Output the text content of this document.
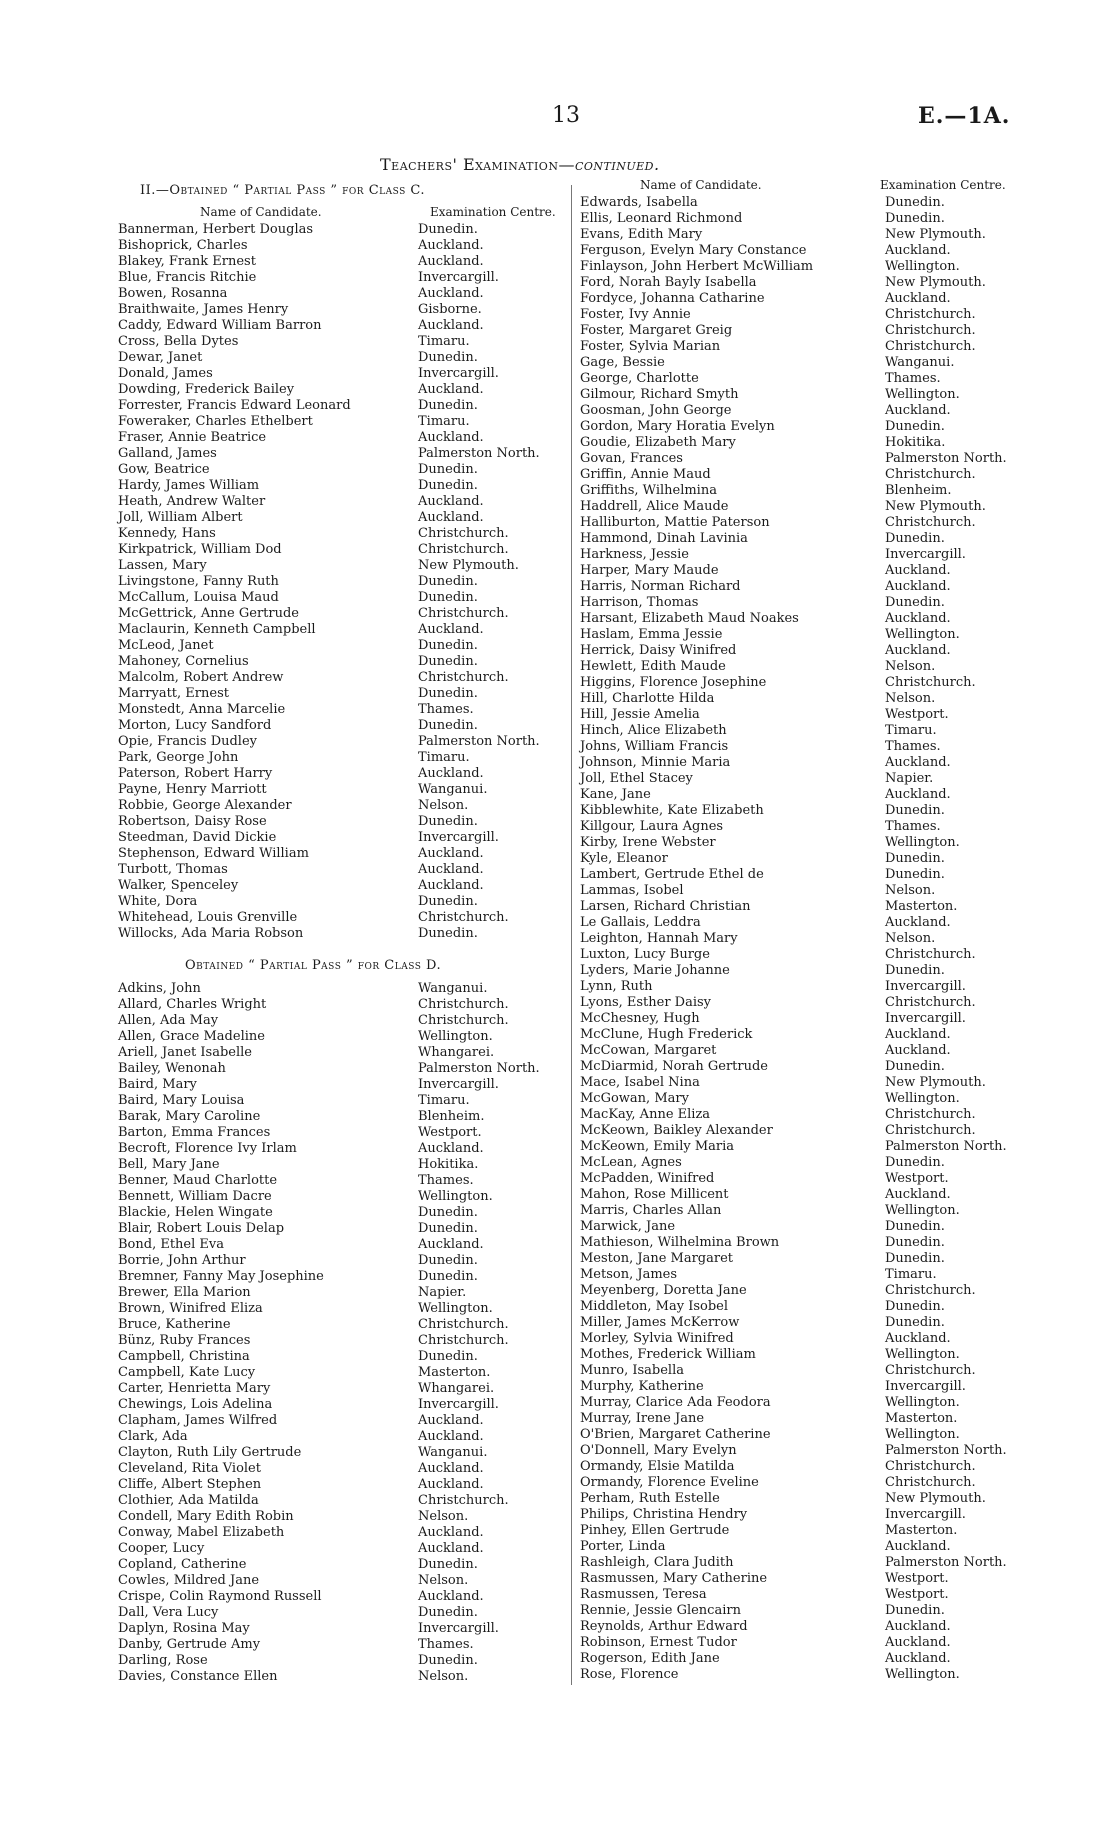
13	E.—1A.
Teachers' Examination—continued.
II.—Obtained “ Partial Pass ” for Class C.
Name of Candidate.	Examination Centre.
Name of Candidate.	Examination Centre.
Bannerman, Herbert Douglas	Dunedin.
Bishoprick, Charles	Auckland.
Blakey, Frank Ernest	Auckland.
Blue, Francis Ritchie	Invercargill.
Bowen, Rosanna	Auckland.
Braithwaite, James Henry	Gisborne.
Caddy, Edward William Barron	Auckland.
Cross, Bella Dytes	Timaru.
Dewar, Janet	Dunedin.
Donald, James	Invercargill.
Dowding, Frederick Bailey	Auckland.
Forrester, Francis Edward Leonard	Dunedin.
Foweraker, Charles Ethelbert	Timaru.
Fraser, Annie Beatrice	Auckland.
Galland, James	Palmerston North.
Gow, Beatrice	Dunedin.
Hardy, James William	Dunedin.
Heath, Andrew Walter	Auckland.
Joll, William Albert	Auckland.
Kennedy, Hans	Christchurch.
Kirkpatrick, William Dod	Christchurch.
Lassen, Mary	New Plymouth.
Livingstone, Fanny Ruth	Dunedin.
McCallum, Louisa Maud	Dunedin.
McGettrick, Anne Gertrude	Christchurch.
Maclaurin, Kenneth Campbell	Auckland.
McLeod, Janet	Dunedin.
Mahoney, Cornelius	Dunedin.
Malcolm, Robert Andrew	Christchurch.
Marryatt, Ernest	Dunedin.
Monstedt, Anna Marcelie	Thames.
Morton, Lucy Sandford	Dunedin.
Opie, Francis Dudley	Palmerston North.
Park, George John	Timaru.
Paterson, Robert Harry	Auckland.
Payne, Henry Marriott	Wanganui.
Robbie, George Alexander	Nelson.
Robertson, Daisy Rose	Dunedin.
Steedman, David Dickie	Invercargill.
Stephenson, Edward William	Auckland.
Turbott, Thomas	Auckland.
Walker, Spenceley	Auckland.
White, Dora	Dunedin.
Whitehead, Louis Grenville	Christchurch.
Willocks, Ada Maria Robson	Dunedin.
Obtained “ Partial Pass ” for Class D.
Adkins, John	Wanganui.
Allard, Charles Wright	Christchurch.
Allen, Ada May	Christchurch.
Allen, Grace Madeline	Wellington.
Ariell, Janet Isabelle	Whangarei.
Bailey, Wenonah	Palmerston North.
Baird, Mary	Invercargill.
Baird, Mary Louisa	Timaru.
Barak, Mary Caroline	Blenheim.
Barton, Emma Frances	Westport.
Becroft, Florence Ivy Irlam	Auckland.
Bell, Mary Jane	Hokitika.
Benner, Maud Charlotte	Thames.
Bennett, William Dacre	Wellington.
Blackie, Helen Wingate	Dunedin.
Blair, Robert Louis Delap	Dunedin.
Bond, Ethel Eva	Auckland.
Borrie, John Arthur	Dunedin.
Bremner, Fanny May Josephine	Dunedin.
Brewer, Ella Marion	Napier.
Brown, Winifred Eliza	Wellington.
Bruce, Katherine	Christchurch.
Bünz, Ruby Frances	Christchurch.
Campbell, Christina	Dunedin.
Campbell, Kate Lucy	Masterton.
Carter, Henrietta Mary	Whangarei.
Chewings, Lois Adelina	Invercargill.
Clapham, James Wilfred	Auckland.
Clark, Ada	Auckland.
Clayton, Ruth Lily Gertrude	Wanganui.
Cleveland, Rita Violet	Auckland.
Cliffe, Albert Stephen	Auckland.
Clothier, Ada Matilda	Christchurch.
Condell, Mary Edith Robin	Nelson.
Conway, Mabel Elizabeth	Auckland.
Cooper, Lucy	Auckland.
Copland, Catherine	Dunedin.
Cowles, Mildred Jane	Nelson.
Crispe, Colin Raymond Russell	Auckland.
Dall, Vera Lucy	Dunedin.
Daplyn, Rosina May	Invercargill.
Danby, Gertrude Amy	Thames.
Darling, Rose	Dunedin.
Davies, Constance Ellen	Nelson.
Edwards, Isabella	Dunedin.
Ellis, Leonard Richmond	Dunedin.
Evans, Edith Mary	New Plymouth.
Ferguson, Evelyn Mary Constance	Auckland.
Finlayson, John Herbert McWilliam	Wellington.
Ford, Norah Bayly Isabella	New Plymouth.
Fordyce, Johanna Catharine	Auckland.
Foster, Ivy Annie	Christchurch.
Foster, Margaret Greig	Christchurch.
Foster, Sylvia Marian	Christchurch.
Gage, Bessie	Wanganui.
George, Charlotte	Thames.
Gilmour, Richard Smyth	Wellington.
Goosman, John George	Auckland.
Gordon, Mary Horatia Evelyn	Dunedin.
Goudie, Elizabeth Mary	Hokitika.
Govan, Frances	Palmerston North.
Griffin, Annie Maud	Christchurch.
Griffiths, Wilhelmina	Blenheim.
Haddrell, Alice Maude	New Plymouth.
Halliburton, Mattie Paterson	Christchurch.
Hammond, Dinah Lavinia	Dunedin.
Harkness, Jessie	Invercargill.
Harper, Mary Maude	Auckland.
Harris, Norman Richard	Auckland.
Harrison, Thomas	Dunedin.
Harsant, Elizabeth Maud Noakes	Auckland.
Haslam, Emma Jessie	Wellington.
Herrick, Daisy Winifred	Auckland.
Hewlett, Edith Maude	Nelson.
Higgins, Florence Josephine	Christchurch.
Hill, Charlotte Hilda	Nelson.
Hill, Jessie Amelia	Westport.
Hinch, Alice Elizabeth	Timaru.
Johns, William Francis	Thames.
Johnson, Minnie Maria	Auckland.
Joll, Ethel Stacey	Napier.
Kane, Jane	Auckland.
Kibblewhite, Kate Elizabeth	Dunedin.
Killgour, Laura Agnes	Thames.
Kirby, Irene Webster	Wellington.
Kyle, Eleanor	Dunedin.
Lambert, Gertrude Ethel de	Dunedin.
Lammas, Isobel	Nelson.
Larsen, Richard Christian	Masterton.
Le Gallais, Leddra	Auckland.
Leighton, Hannah Mary	Nelson.
Luxton, Lucy Burge	Christchurch.
Lyders, Marie Johanne	Dunedin.
Lynn, Ruth	Invercargill.
Lyons, Esther Daisy	Christchurch.
McChesney, Hugh	Invercargill.
McClune, Hugh Frederick	Auckland.
McCowan, Margaret	Auckland.
McDiarmid, Norah Gertrude	Dunedin.
Mace, Isabel Nina	New Plymouth.
McGowan, Mary	Wellington.
MacKay, Anne Eliza	Christchurch.
McKeown, Baikley Alexander	Christchurch.
McKeown, Emily Maria	Palmerston North.
McLean, Agnes	Dunedin.
McPadden, Winifred	Westport.
Mahon, Rose Millicent	Auckland.
Marris, Charles Allan	Wellington.
Marwick, Jane	Dunedin.
Mathieson, Wilhelmina Brown	Dunedin.
Meston, Jane Margaret	Dunedin.
Metson, James	Timaru.
Meyenberg, Doretta Jane	Christchurch.
Middleton, May Isobel	Dunedin.
Miller, James McKerrow	Dunedin.
Morley, Sylvia Winifred	Auckland.
Mothes, Frederick William	Wellington.
Munro, Isabella	Christchurch.
Murphy, Katherine	Invercargill.
Murray, Clarice Ada Feodora	Wellington.
Murray, Irene Jane	Masterton.
O'Brien, Margaret Catherine	Wellington.
O'Donnell, Mary Evelyn	Palmerston North.
Ormandy, Elsie Matilda	Christchurch.
Ormandy, Florence Eveline	Christchurch.
Perham, Ruth Estelle	New Plymouth.
Philips, Christina Hendry	Invercargill.
Pinhey, Ellen Gertrude	Masterton.
Porter, Linda	Auckland.
Rashleigh, Clara Judith	Palmerston North.
Rasmussen, Mary Catherine	Westport.
Rasmussen, Teresa	Westport.
Rennie, Jessie Glencairn	Dunedin.
Reynolds, Arthur Edward	Auckland.
Robinson, Ernest Tudor	Auckland.
Rogerson, Edith Jane	Auckland.
Rose, Florence	Wellington.
